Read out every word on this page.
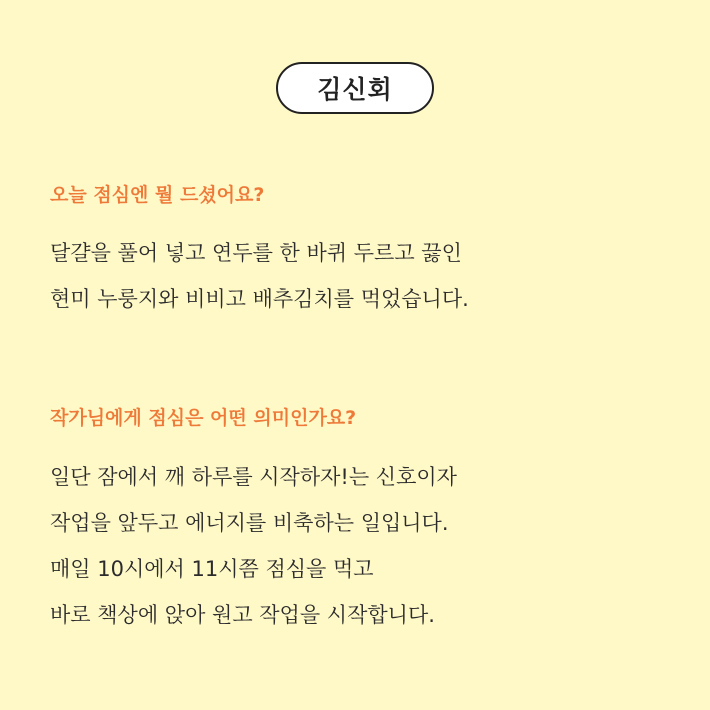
김신회
오늘 점심엔 뭘 드셨어요?
달걀을 풀어 넣고 연두를 한 바퀴 두르고 끓인
현미 누룽지와 비비고 배추김치를 먹었습니다.
작가님에게 점심은 어떤 의미인가요?
일단 잠에서 깨 하루를 시작하자!는 신호이자
작업을 앞두고 에너지를 비축하는 일입니다.
매일 10시에서 11시쯤 점심을 먹고
바로 책상에 앉아 원고 작업을 시작합니다.
